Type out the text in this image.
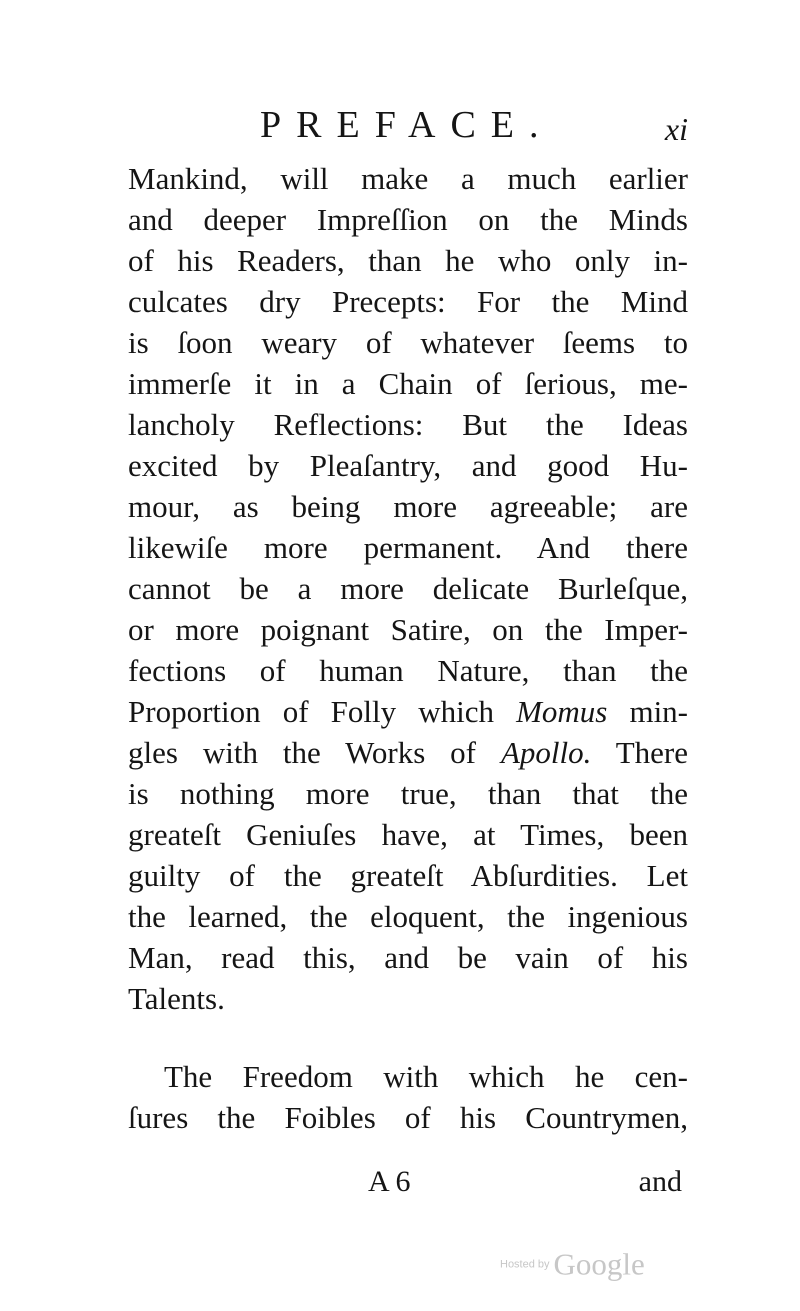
PREFACE.	xi
Mankind, will make a much earlier
and deeper Impreſſion on the Minds
of his Readers, than he who only in-
culcates dry Precepts: For the Mind
is ſoon weary of whatever ſeems to
immerſe it in a Chain of ſerious, me-
lancholy Reflections: But the Ideas
excited by Pleaſantry, and good Hu-
mour, as being more agreeable; are
likewiſe more permanent. And there
cannot be a more delicate Burleſque,
or more poignant Satire, on the Imper-
fections of human Nature, than the
Proportion of Folly which Momus min-
gles with the Works of Apollo. There
is nothing more true, than that the
greateſt Geniuſes have, at Times, been
guilty of the greateſt Abſurdities. Let
the learned, the eloquent, the ingenious
Man, read this, and be vain of his
Talents.
The Freedom with which he cen-
ſures the Foibles of his Countrymen,
A 6	and
Hosted by Google
